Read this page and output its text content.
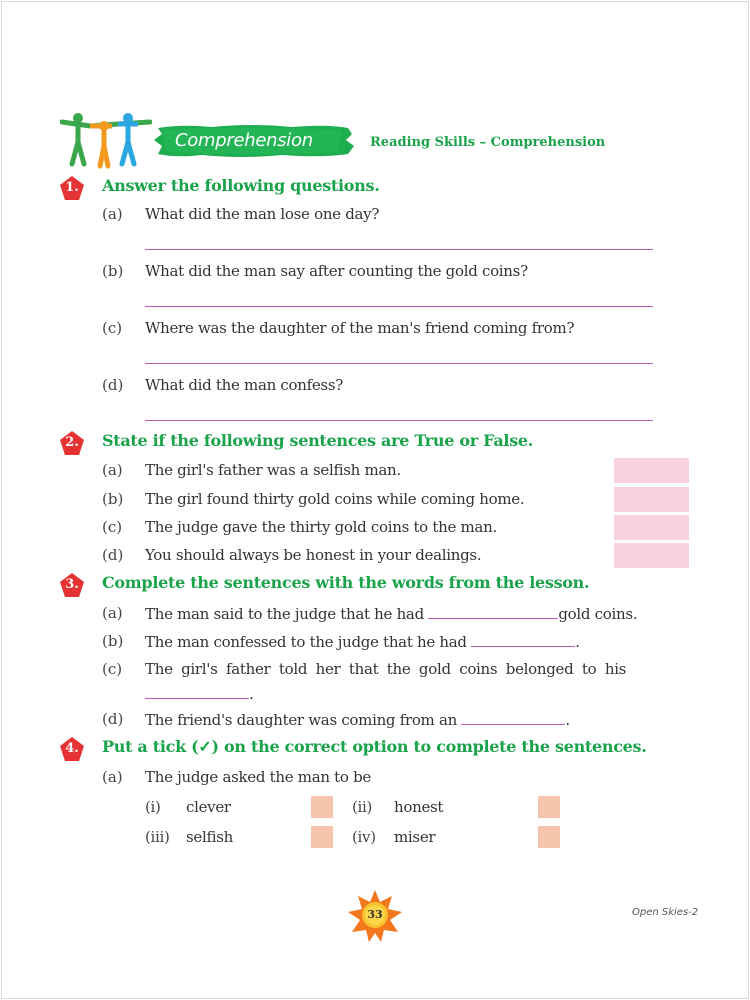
Comprehension	Reading Skills – Comprehension
1.	Answer the following questions.
(a) What did the man lose one day?
(b) What did the man say after counting the gold coins?
(c) Where was the daughter of the man's friend coming from?
(d) What did the man confess?
2.	State if the following sentences are True or False.
(a) The girl's father was a selfish man.
(b) The girl found thirty gold coins while coming home.
(c) The judge gave the thirty gold coins to the man.
(d) You should always be honest in your dealings.
3.	Complete the sentences with the words from the lesson.
(a) The man said to the judge that he had	gold coins.
(b) The man confessed to the judge that he had	.
(c) The girl's father told her that the gold coins belonged to his
.
(d) The friend's daughter was coming from an	.
4.	Put a tick (✓) on the correct option to complete the sentences.
(a) The judge asked the man to be
(i) clever	(ii) honest
(iii) selfish	(iv) miser
33	Open Skies-2
